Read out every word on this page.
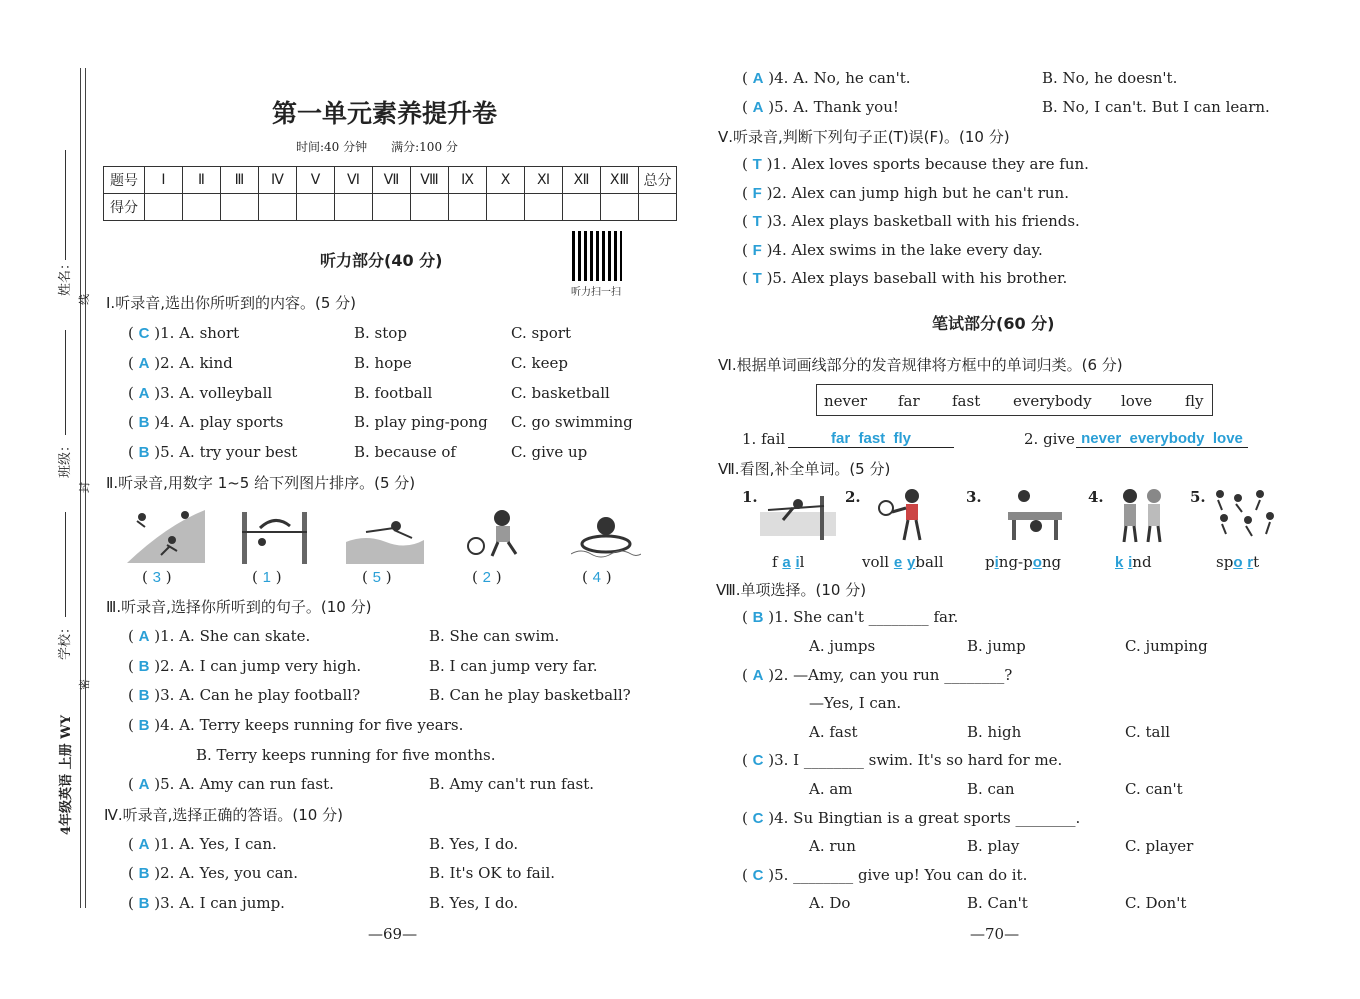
姓名：
班级：
学校：
4年级英语 上册 WY
线
封
密
第一单元素养提升卷
时间:40 分钟　　满分:100 分
题号	Ⅰ	Ⅱ	Ⅲ	Ⅳ	Ⅴ	Ⅵ	Ⅶ	Ⅷ	Ⅸ	Ⅹ	Ⅺ	Ⅻ	ⅩⅢ	总分
得分														
听力部分(40 分)
听力扫一扫
Ⅰ.听录音,选出你所听到的内容。(5 分)
( C )1. A. short	B. stop	C. sport
( A )2. A. kind	B. hope	C. keep
( A )3. A. volleyball	B. football	C. basketball
( B )4. A. play sports	B. play ping-pong C. go swimming
( B )5. A. try your best	B. because of	C. give up
Ⅱ.听录音,用数字 1~5 给下列图片排序。(5 分)
( 3 )	( 1 )	( 5 )	( 2 )	( 4 )
Ⅲ.听录音,选择你所听到的句子。(10 分)
( A )1. A. She can skate.	B. She can swim.
( B )2. A. I can jump very high.	B. I can jump very far.
( B )3. A. Can he play football?	B. Can he play basketball?
( B )4. A. Terry keeps running for five years.
B. Terry keeps running for five months.
( A )5. A. Amy can run fast.	B. Amy can't run fast.
Ⅳ.听录音,选择正确的答语。(10 分)
( A )1. A. Yes, I can.	B. Yes, I do.
( B )2. A. Yes, you can.	B. It's OK to fail.
( B )3. A. I can jump.	B. Yes, I do.
—69—
( A )4. A. No, he can't.	B. No, he doesn't.
( A )5. A. Thank you!	B. No, I can't. But I can learn.
Ⅴ.听录音,判断下列句子正(T)误(F)。(10 分)
( T )1. Alex loves sports because they are fun.
( F )2. Alex can jump high but he can't run.
( T )3. Alex plays basketball with his friends.
( F )4. Alex swims in the lake every day.
( T )5. Alex plays baseball with his brother.
笔试部分(60 分)
Ⅵ.根据单词画线部分的发音规律将方框中的单词归类。(6 分)
never far fast everybody love fly
1. fail	far  fast  fly	2. give never  everybody  love
Ⅶ.看图,补全单词。(5 分)
1.	2.	3.	4.	5.
f a il	voll e yball	ping-pong	k ind	spo rt
Ⅷ.单项选择。(10 分)
( B )1. She can't ________ far.
A. jumps	B. jump	C. jumping
( A )2. —Amy, can you run ________?
—Yes, I can.
A. fast	B. high	C. tall
( C )3. I ________ swim. It's so hard for me.
A. am	B. can	C. can't
( C )4. Su Bingtian is a great sports ________.
A. run	B. play	C. player
( C )5. ________ give up! You can do it.
A. Do	B. Can't	C. Don't
—70—
